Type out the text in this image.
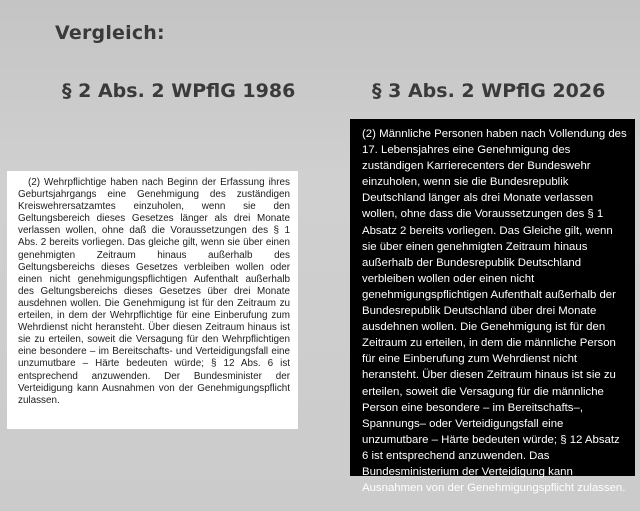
Vergleich:
§ 2 Abs. 2 WPflG 1986	§ 3 Abs. 2 WPflG 2026

(2) Wehrpflichtige haben nach Beginn der Erfassung ihres Geburtsjahrgangs eine Genehmigung des zuständigen Kreiswehrersatzamtes einzuholen, wenn sie den Geltungsbereich dieses Gesetzes länger als drei Monate verlassen wollen, ohne daß die Voraussetzungen des § 1 Abs. 2 bereits vorliegen. Das gleiche gilt, wenn sie über einen genehmigten Zeitraum hinaus außerhalb des Geltungsbereichs dieses Gesetzes verbleiben wollen oder einen nicht genehmigungspflichtigen Aufenthalt außerhalb des Geltungsbereichs dieses Gesetzes über drei Monate ausdehnen wollen. Die Genehmigung ist für den Zeitraum zu erteilen, in dem der Wehrpflichtige für eine Einberufung zum Wehrdienst nicht heransteht. Über diesen Zeitraum hinaus ist sie zu erteilen, soweit die Versagung für den Wehrpflichtigen eine besondere – im Bereitschafts- und Verteidigungsfall eine unzumutbare – Härte bedeuten würde; § 12 Abs. 6 ist entsprechend anzuwenden. Der Bundesminister der Verteidigung kann Ausnahmen von der Genehmigungspflicht zulassen.

(2) Männliche Personen haben nach Vollendung des 17. Lebensjahres eine Genehmigung des zuständigen Karrierecenters der Bundeswehr einzuholen, wenn sie die Bundesrepublik Deutschland länger als drei Monate verlassen wollen, ohne dass die Voraussetzungen des § 1 Absatz 2 bereits vorliegen. Das Gleiche gilt, wenn sie über einen genehmigten Zeitraum hinaus außerhalb der Bundesrepublik Deutschland verbleiben wollen oder einen nicht genehmigungspflichtigen Aufenthalt außerhalb der Bundesrepublik Deutschland über drei Monate ausdehnen wollen. Die Genehmigung ist für den Zeitraum zu erteilen, in dem die männliche Person für eine Einberufung zum Wehrdienst nicht heransteht. Über diesen Zeitraum hinaus ist sie zu erteilen, soweit die Versagung für die männliche Person eine besondere – im Bereitschafts–, Spannungs– oder Verteidigungsfall eine unzumutbare – Härte bedeuten würde; § 12 Absatz 6 ist entsprechend anzuwenden. Das Bundesministerium der Verteidigung kann Ausnahmen von der Genehmigungspflicht zulassen.
